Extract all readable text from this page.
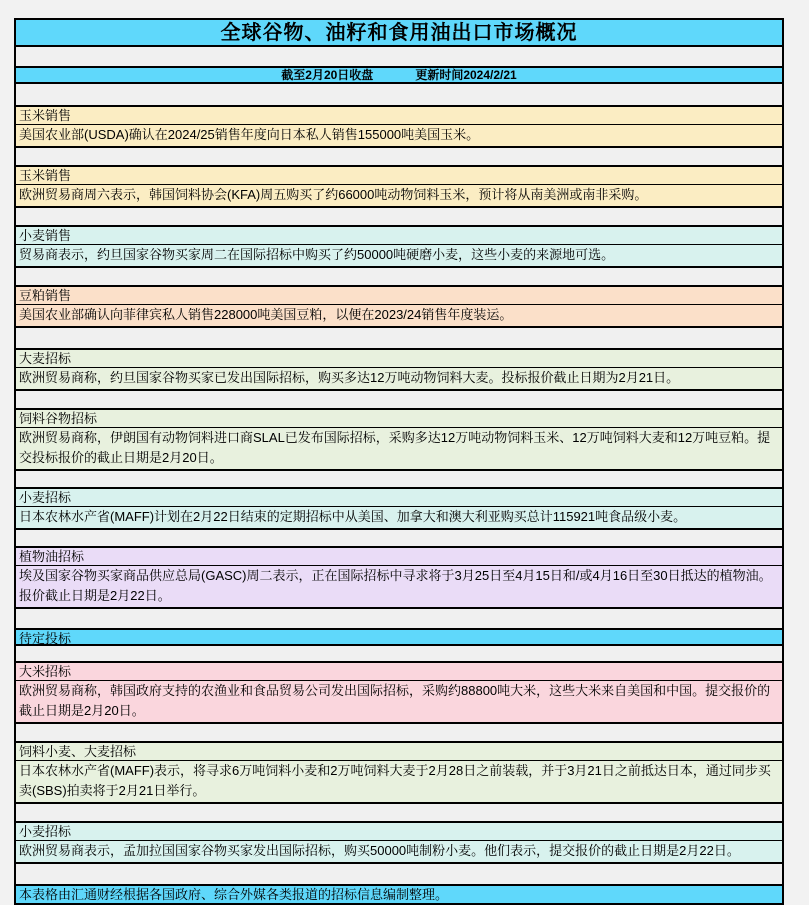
全球谷物、油籽和食用油出口市场概况
截至2月20日收盘	更新时间2024/2/21
玉米销售
美国农业部(USDA)确认在2024/25销售年度向日本私人销售155000吨美国玉米。
玉米销售
欧洲贸易商周六表示，韩国饲料协会(KFA)周五购买了约66000吨动物饲料玉米，预计将从南美洲或南非采购。
小麦销售
贸易商表示，约旦国家谷物买家周二在国际招标中购买了约50000吨硬磨小麦，这些小麦的来源地可选。
豆粕销售
美国农业部确认向菲律宾私人销售228000吨美国豆粕，以便在2023/24销售年度装运。
大麦招标
欧洲贸易商称，约旦国家谷物买家已发出国际招标，购买多达12万吨动物饲料大麦。投标报价截止日期为2月21日。
饲料谷物招标
欧洲贸易商称，伊朗国有动物饲料进口商SLAL已发布国际招标，采购多达12万吨动物饲料玉米、12万吨饲料大麦和12万吨豆粕。提交投标报价的截止日期是2月20日。
小麦招标
日本农林水产省(MAFF)计划在2月22日结束的定期招标中从美国、加拿大和澳大利亚购买总计115921吨食品级小麦。
植物油招标
埃及国家谷物买家商品供应总局(GASC)周二表示，正在国际招标中寻求将于3月25日至4月15日和/或4月16日至30日抵达的植物油。报价截止日期是2月22日。
待定投标
大米招标
欧洲贸易商称，韩国政府支持的农渔业和食品贸易公司发出国际招标，采购约88800吨大米，这些大米来自美国和中国。提交报价的截止日期是2月20日。
饲料小麦、大麦招标
日本农林水产省(MAFF)表示，将寻求6万吨饲料小麦和2万吨饲料大麦于2月28日之前装载，并于3月21日之前抵达日本，通过同步买卖(SBS)拍卖将于2月21日举行。
小麦招标
欧洲贸易商表示，孟加拉国国家谷物买家发出国际招标，购买50000吨制粉小麦。他们表示，提交报价的截止日期是2月22日。
本表格由汇通财经根据各国政府、综合外媒各类报道的招标信息编制整理。
